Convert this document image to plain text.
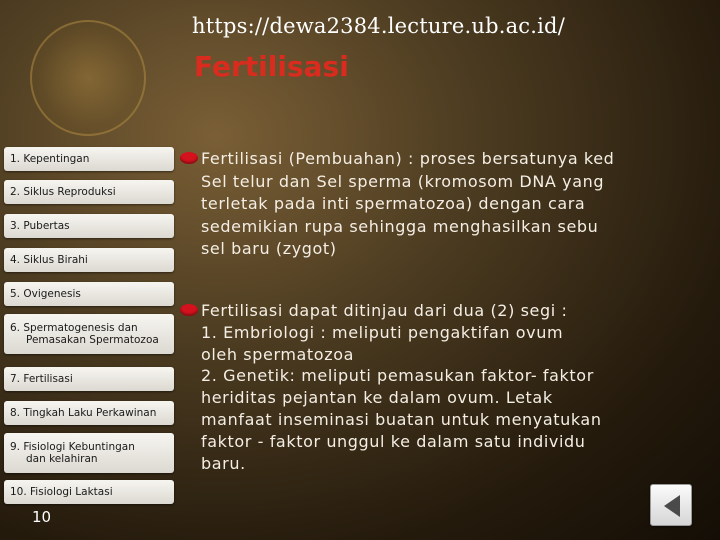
https://dewa2384.lecture.ub.ac.id/
Fertilisasi
1. Kepentingan
2. Siklus Reproduksi
3. Pubertas
4. Siklus Birahi
5. Ovigenesis
6. Spermatogenesis dan
Pemasakan Spermatozoa
7. Fertilisasi
8. Tingkah Laku Perkawinan
9. Fisiologi Kebuntingan
dan kelahiran
10. Fisiologi Laktasi
10
Fertilisasi (Pembuahan) : proses bersatunya ked
Sel telur dan Sel sperma (kromosom DNA yang
terletak pada inti spermatozoa) dengan cara
sedemikian rupa sehingga menghasilkan sebu
sel baru (zygot)
Fertilisasi dapat ditinjau dari dua (2) segi :
1. Embriologi : meliputi pengaktifan ovum
oleh spermatozoa
2. Genetik: meliputi pemasukan faktor- faktor
heriditas pejantan ke dalam ovum. Letak
manfaat inseminasi buatan untuk menyatukan
faktor - faktor unggul ke dalam satu individu
baru.
